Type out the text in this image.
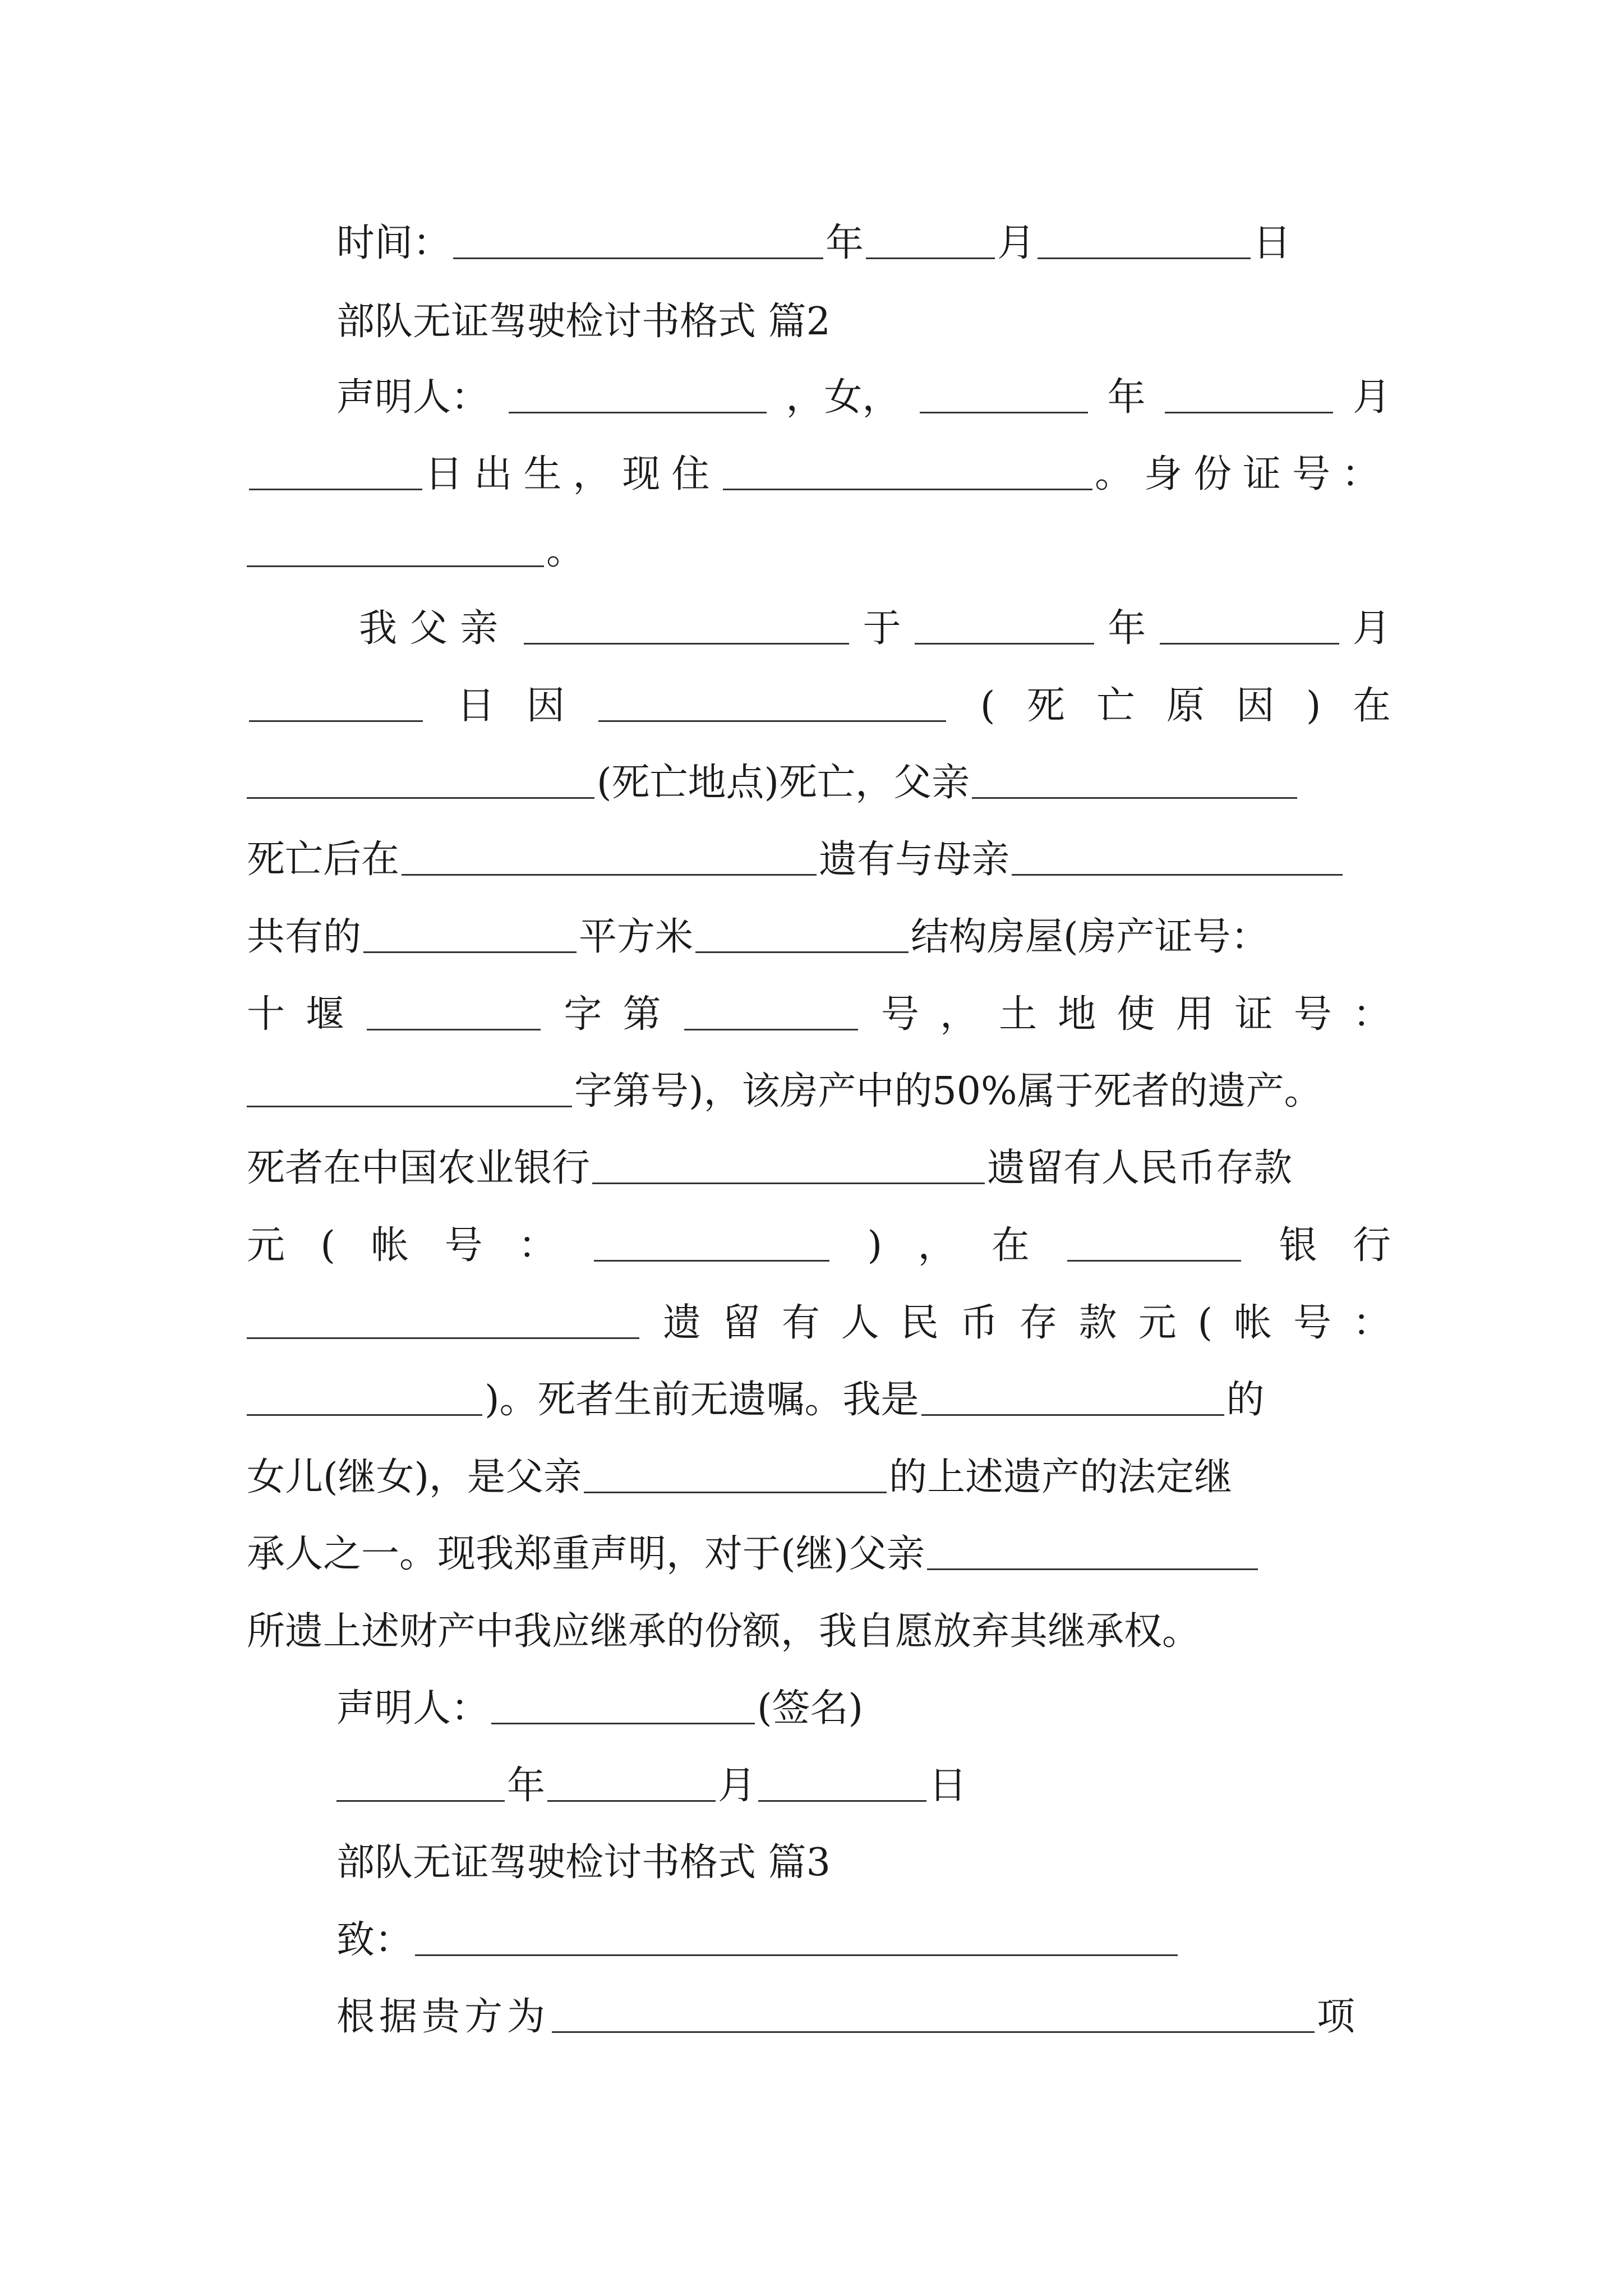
时间：	年	月	日
部队无证驾驶检讨书格式 篇2
声明人：	，女，	年	月
日出生，现住	。身份证号：
。
我父亲	于	年	月
日 因	( 死 亡 原 因 ) 在
(死亡地点)死亡，父亲
死亡后在	遗有与母亲
共有的	平方米	结构房屋(房产证号：
十 堰	字 第	号 ， 土 地 使 用 证 号 ：
字第号)，该房产中的50%属于死者的遗产。
死者在中国农业银行	遗留有人民币存款
元 ( 帐 号 ：	) ， 在	银 行
遗 留 有 人 民 币 存 款 元 ( 帐 号 ：
)。死者生前无遗嘱。我是	的
女儿(继女)，是父亲	的上述遗产的法定继
承人之一。现我郑重声明，对于(继)父亲
所遗上述财产中我应继承的份额，我自愿放弃其继承权。
声明人：	(签名)
年	月	日
部队无证驾驶检讨书格式 篇3
致：
根据贵方为	项
